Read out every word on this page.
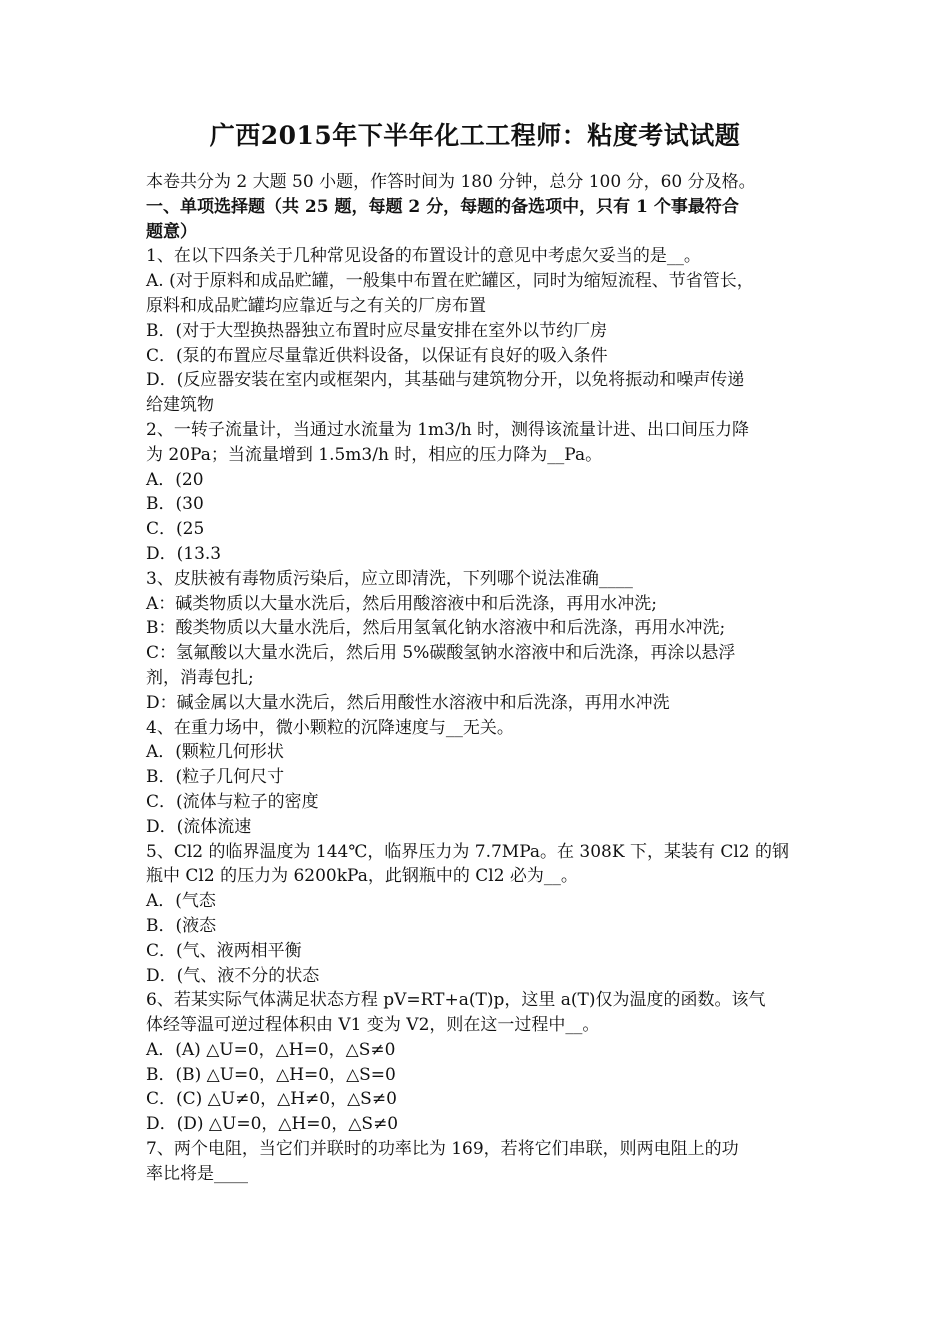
广西2015年下半年化工工程师：粘度考试试题
本卷共分为 2 大题 50 小题，作答时间为 180 分钟，总分 100 分，60 分及格。
一、单项选择题（共 25 题，每题 2 分，每题的备选项中，只有 1 个事最符合
题意）
1、在以下四条关于几种常见设备的布置设计的意见中考虑欠妥当的是__。
A. (对于原料和成品贮罐，一般集中布置在贮罐区，同时为缩短流程、节省管长，
原料和成品贮罐均应靠近与之有关的厂房布置
B．(对于大型换热器独立布置时应尽量安排在室外以节约厂房
C．(泵的布置应尽量靠近供料设备，以保证有良好的吸入条件
D．(反应器安装在室内或框架内，其基础与建筑物分开，以免将振动和噪声传递
给建筑物
2、一转子流量计，当通过水流量为 1m3/h 时，测得该流量计进、出口间压力降
为 20Pa；当流量增到 1.5m3/h 时，相应的压力降为__Pa。
A．(20
B．(30
C．(25
D．(13.3
3、皮肤被有毒物质污染后，应立即清洗，下列哪个说法准确____
A：碱类物质以大量水洗后，然后用酸溶液中和后洗涤，再用水冲洗;
B：酸类物质以大量水洗后，然后用氢氧化钠水溶液中和后洗涤，再用水冲洗;
C：氢氟酸以大量水洗后，然后用 5%碳酸氢钠水溶液中和后洗涤，再涂以悬浮
剂，消毒包扎;
D：碱金属以大量水洗后，然后用酸性水溶液中和后洗涤，再用水冲洗
4、在重力场中，微小颗粒的沉降速度与__无关。
A．(颗粒几何形状
B．(粒子几何尺寸
C．(流体与粒子的密度
D．(流体流速
5、Cl2 的临界温度为 144℃，临界压力为 7.7MPa。在 308K 下，某装有 Cl2 的钢
瓶中 Cl2 的压力为 6200kPa，此钢瓶中的 Cl2 必为__。
A．(气态
B．(液态
C．(气、液两相平衡
D．(气、液不分的状态
6、若某实际气体满足状态方程 pV=RT+a(T)p，这里 a(T)仅为温度的函数。该气
体经等温可逆过程体积由 V1 变为 V2，则在这一过程中__。
A．(A) △U=0，△H=0，△S≠0
B．(B) △U=0，△H=0，△S=0
C．(C) △U≠0，△H≠0，△S≠0
D．(D) △U=0，△H=0，△S≠0
7、两个电阻，当它们并联时的功率比为 169，若将它们串联，则两电阻上的功
率比将是____
